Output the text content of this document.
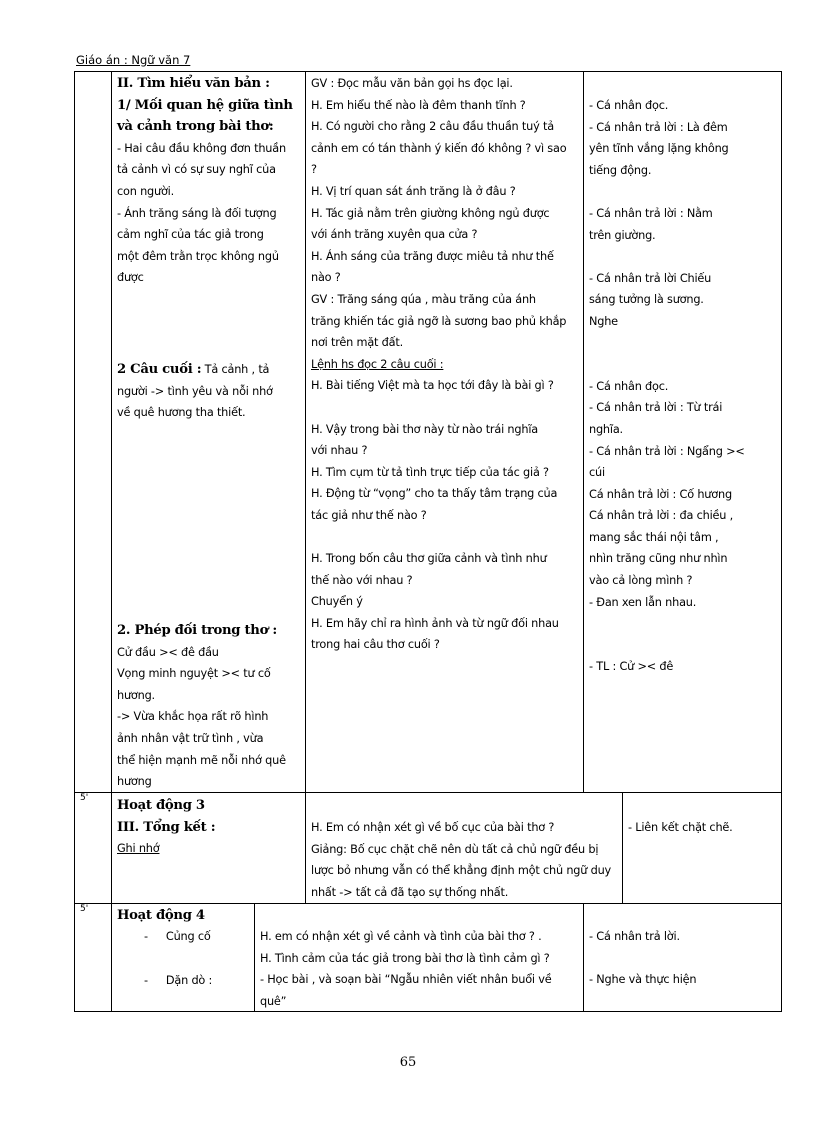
Giáo án : Ngữ văn 7

II. Tìm hiểu văn bản :

1/ Mối quan hệ giữa tình

và cảnh trong bài thơ:

- Hai câu đầu không đơn thuần

tả cảnh vì có sự suy nghĩ của

con người.

- Ánh trăng sáng là đối tượng

cảm nghĩ của tác giả trong

một đêm trằn trọc không ngủ

được

2 Câu cuối : Tả cảnh , tả

người -> tình yêu và nỗi nhớ

về quê hương tha thiết.

2. Phép đối trong thơ :

Cử đầu >< đê đầu

Vọng minh nguyệt >< tư cố

hương.

-> Vừa khắc họa rất rõ hình

ảnh nhân vật trữ tình , vừa

thể hiện mạnh mẽ nỗi nhớ quê

hương

GV : Đọc mẫu văn bản gọi hs đọc lại.

H. Em hiểu thế nào là đêm thanh tĩnh ?

H. Có người cho rằng 2 câu đầu thuần tuý tả

cảnh em có tán thành ý kiến đó không ? vì sao

?

H. Vị trí quan sát ánh trăng là ở đâu ?

H. Tác giả nằm trên giường không ngủ được

với ánh trăng xuyên qua cửa ?

H. Ánh sáng của trăng được miêu tả như thế

nào ?

GV : Trăng sáng qúa , màu trăng của ánh

trăng khiến tác giả ngỡ là sương bao phủ khắp

nơi trên mặt đất.

Lệnh hs đọc 2 câu cuối :

H. Bài tiếng Việt mà ta học tới đây là bài gì ?

H. Vậy trong bài thơ này từ nào trái nghĩa

với nhau ?

H. Tìm cụm từ tả tình trực tiếp của tác giả ?

H. Động từ “vọng” cho ta thấy tâm trạng của

tác giả như thế nào ?

H. Trong bốn câu thơ giữa cảnh và tình như

thế nào với nhau ?

Chuyển ý

H. Em hãy chỉ ra hình ảnh và từ ngữ đối nhau

trong hai câu thơ cuối ?

- Cá nhân đọc.

- Cá nhân trả lời : Là đêm

yên tĩnh vắng lặng không

tiếng động.

- Cá nhân trả lời : Nằm

trên giường.

- Cá nhân trả lời Chiếu

sáng tưởng là sương.

Nghe

- Cá nhân đọc.

- Cá nhân trả lời : Từ trái

nghĩa.

- Cá nhân trả lời : Ngẩng ><

cúi

Cá nhân trả lời : Cố hương

Cá nhân trả lời : đa chiều ,

mang sắc thái nội tâm ,

nhìn trăng cũng như nhìn

vào cả lòng mình ?

- Đan xen lẫn nhau.

- TL : Cử >< đê

5' Hoạt động 3

III. Tổng kết :

Ghi nhớ

H. Em có nhận xét gì về bố cục của bài thơ ?

Giảng: Bố cục chặt chẽ nên dù tất cả chủ ngữ đều bị

lược bỏ nhưng vẫn có thể khẳng định một chủ ngữ duy

nhất -> tất cả đã tạo sự thống nhất.

- Liên kết chặt chẽ.

5' Hoạt động 4

- Củng cố

- Dặn dò :

H. em có nhận xét gì về cảnh và tình của bài thơ ? .

H. Tình cảm của tác giả trong bài thơ là tình cảm gì ?

- Học bài , và soạn bài “Ngẫu nhiên viết nhân buổi về

quê”

- Cá nhân trả lời.

- Nghe và thực hiện

65
